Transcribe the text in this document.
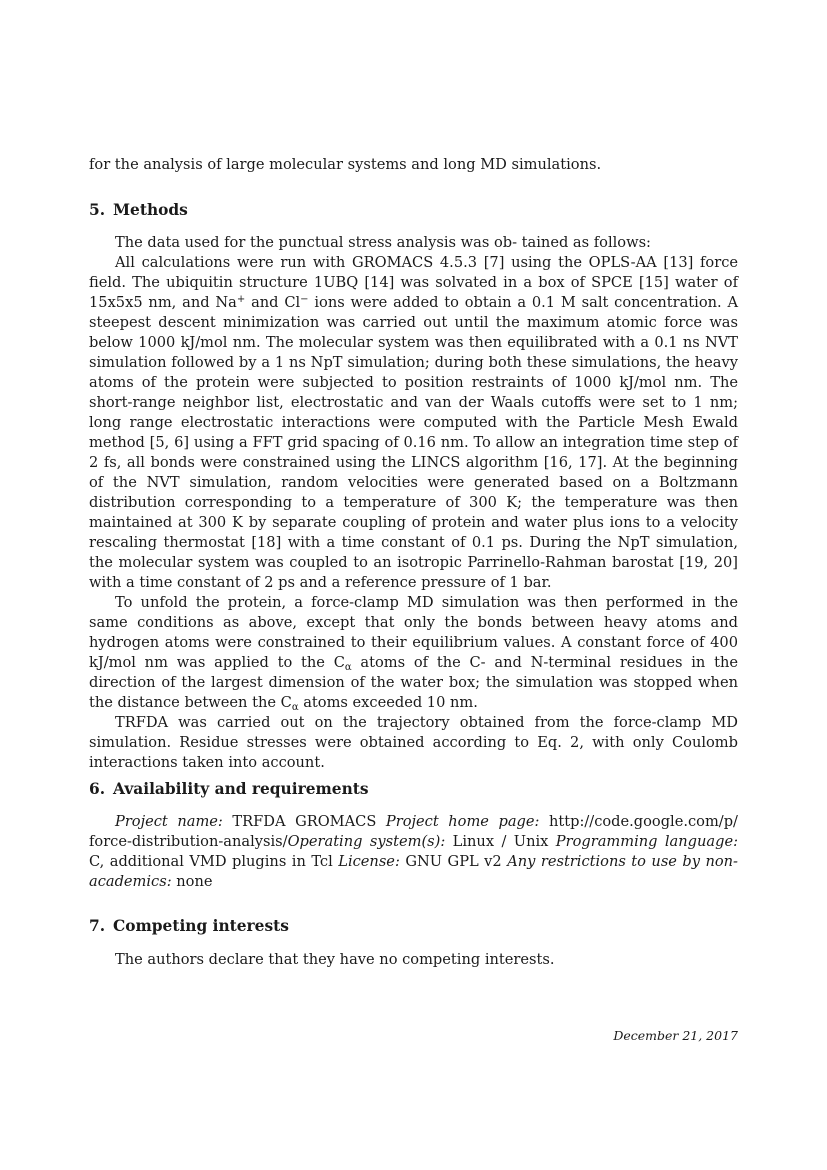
for the analysis of large molecular systems and long MD simulations.

5. Methods

The data used for the punctual stress analysis was ob- tained as follows:

All calculations were run with GROMACS 4.5.3 [7] using the OPLS-AA [13] force field. The ubiquitin structure 1UBQ [14] was solvated in a box of SPCE [15] water of 15x5x5 nm, and Na+ and Cl− ions were added to obtain a 0.1 M salt concentration. A steepest descent minimization was carried out until the maximum atomic force was below 1000 kJ/mol nm. The molecular system was then equilibrated with a 0.1 ns NVT simulation followed by a 1 ns NpT simulation; during both these simulations, the heavy atoms of the protein were subjected to position restraints of 1000 kJ/mol nm. The short-range neighbor list, electrostatic and van der Waals cutoffs were set to 1 nm; long range electrostatic interactions were computed with the Particle Mesh Ewald method [5, 6] using a FFT grid spacing of 0.16 nm. To allow an integration time step of 2 fs, all bonds were constrained using the LINCS algorithm [16, 17]. At the beginning of the NVT simulation, random velocities were generated based on a Boltzmann distribution corresponding to a temperature of 300 K; the temperature was then maintained at 300 K by separate coupling of protein and water plus ions to a velocity rescaling thermostat [18] with a time constant of 0.1 ps. During the NpT simulation, the molecular system was coupled to an isotropic Parrinello-Rahman barostat [19, 20] with a time constant of 2 ps and a reference pressure of 1 bar.

To unfold the protein, a force-clamp MD simulation was then performed in the same conditions as above, except that only the bonds between heavy atoms and hydrogen atoms were constrained to their equilibrium values. A constant force of 400 kJ/mol nm was applied to the $C_\alpha$ atoms of the C- and N-terminal residues in the direction of the largest dimension of the water box; the simulation was stopped when the distance between the $C_\alpha$ atoms exceeded 10 nm.

TRFDA was carried out on the trajectory obtained from the force-clamp MD simulation. Residue stresses were obtained according to Eq. 2, with only Coulomb interactions taken into account.

6. Availability and requirements

Project name: TRFDA GROMACS Project home page: http://code.google.com/p/ force-distribution-analysis/Operating system(s): Linux / Unix Programming language: C, additional VMD plugins in Tcl License: GNU GPL v2 Any restrictions to use by non-academics: none

7. Competing interests

The authors declare that they have no competing interests.

December 21, 2017
